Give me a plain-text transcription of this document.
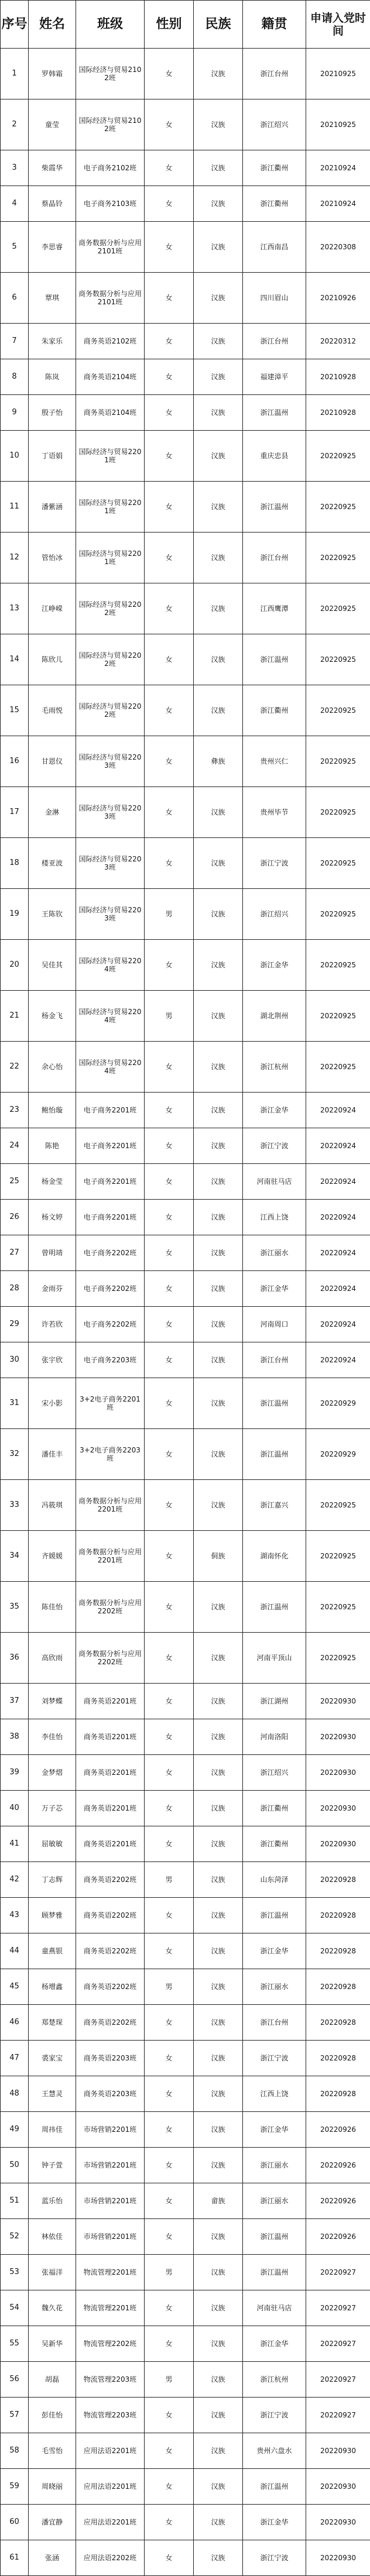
序号	姓名	班级	性别	民族	籍贯	申请入党时间
1	罗韩霜	国际经济与贸易2102班	女	汉族	浙江台州	20210925
2	童莹	国际经济与贸易2102班	女	汉族	浙江绍兴	20210925
3	柴霞华	电子商务2102班	女	汉族	浙江衢州	20210924
4	蔡晶铃	电子商务2103班	女	汉族	浙江衢州	20210924
5	李思睿	商务数据分析与应用2101班	女	汉族	江西南昌	20220308
6	覃琪	商务数据分析与应用2101班	女	汉族	四川眉山	20210926
7	朱家乐	商务英语2102班	女	汉族	浙江台州	20220312
8	陈岚	商务英语2104班	女	汉族	福建漳平	20210928
9	殷子怡	商务英语2104班	女	汉族	浙江温州	20210928
10	丁语娟	国际经济与贸易2201班	女	汉族	重庆忠县	20220925
11	潘紫涵	国际经济与贸易2201班	女	汉族	浙江温州	20220925
12	管怡冰	国际经济与贸易2201班	女	汉族	浙江台州	20220925
13	江峥嵘	国际经济与贸易2202班	女	汉族	江西鹰潭	20220925
14	陈欣儿	国际经济与贸易2202班	女	汉族	浙江温州	20220925
15	毛雨悦	国际经济与贸易2202班	女	汉族	浙江衢州	20220925
16	甘恩仪	国际经济与贸易2203班	女	彝族	贵州兴仁	20220925
17	金淋	国际经济与贸易2203班	女	汉族	贵州毕节	20220925
18	楼亚波	国际经济与贸易2203班	女	汉族	浙江宁波	20220925
19	王陈钦	国际经济与贸易2203班	男	汉族	浙江绍兴	20220925
20	吴佳其	国际经济与贸易2204班	女	汉族	浙江金华	20220925
21	杨金飞	国际经济与贸易2204班	男	汉族	湖北荆州	20220925
22	余心怡	国际经济与贸易2204班	女	汉族	浙江杭州	20220925
23	鲍怡璇	电子商务2201班	女	汉族	浙江金华	20220924
24	陈艳	电子商务2201班	女	汉族	浙江宁波	20220924
25	杨金莹	电子商务2201班	女	汉族	河南驻马店	20220924
26	杨文婷	电子商务2201班	女	汉族	江西上饶	20220924
27	曾明靖	电子商务2202班	女	汉族	浙江丽水	20220924
28	金雨芬	电子商务2202班	女	汉族	浙江金华	20220924
29	许若欣	电子商务2202班	女	汉族	河南周口	20220924
30	张宇欣	电子商务2203班	女	汉族	浙江台州	20220924
31	宋小影	3+2电子商务2201班	女	汉族	浙江温州	20220929
32	潘佳丰	3+2电子商务2203班	女	汉族	浙江温州	20220929
33	冯筱琪	商务数据分析与应用2201班	女	汉族	浙江嘉兴	20220925
34	齐媛媛	商务数据分析与应用2201班	女	侗族	湖南怀化	20220925
35	陈佳怡	商务数据分析与应用2202班	女	汉族	浙江温州	20220925
36	高欣雨	商务数据分析与应用2202班	女	汉族	河南平顶山	20220925
37	刘梦蝶	商务英语2201班	女	汉族	浙江湖州	20220930
38	李佳怡	商务英语2201班	女	汉族	河南洛阳	20220930
39	金梦熠	商务英语2201班	女	汉族	浙江绍兴	20220930
40	万子芯	商务英语2201班	女	汉族	浙江衢州	20220930
41	屈敏敏	商务英语2201班	女	汉族	浙江衢州	20220930
42	丁志辉	商务英语2202班	男	汉族	山东菏泽	20220928
43	顾梦雅	商务英语2202班	女	汉族	浙江温州	20220928
44	童燕银	商务英语2202班	女	汉族	浙江金华	20220928
45	杨增鑫	商务英语2202班	男	汉族	浙江丽水	20220928
46	郑楚琛	商务英语2202班	女	汉族	浙江台州	20220928
47	裘家宝	商务英语2203班	女	汉族	浙江宁波	20220928
48	王慧灵	商务英语2203班	女	汉族	江西上饶	20220928
49	周祎佳	市场营销2201班	女	汉族	浙江金华	20220926
50	钟子萱	市场营销2201班	女	汉族	浙江丽水	20220926
51	蓝乐怡	市场营销2201班	女	畲族	浙江丽水	20220926
52	林依佳	市场营销2201班	女	汉族	浙江温州	20220926
53	张福洋	物流管理2201班	男	汉族	浙江温州	20220927
54	魏久花	物流管理2201班	女	汉族	河南驻马店	20220927
55	吴新华	物流管理2202班	女	汉族	浙江金华	20220927
56	胡磊	物流管理2203班	男	汉族	浙江杭州	20220927
57	彭佳怡	物流管理2203班	女	汉族	浙江宁波	20220927
58	毛雪怡	应用法语2201班	女	汉族	贵州六盘水	20220930
59	周晓丽	应用法语2201班	女	汉族	浙江温州	20220930
60	潘宜静	应用法语2201班	女	汉族	浙江金华	20220930
61	张涵	应用法语2202班	女	汉族	浙江宁波	20220930
